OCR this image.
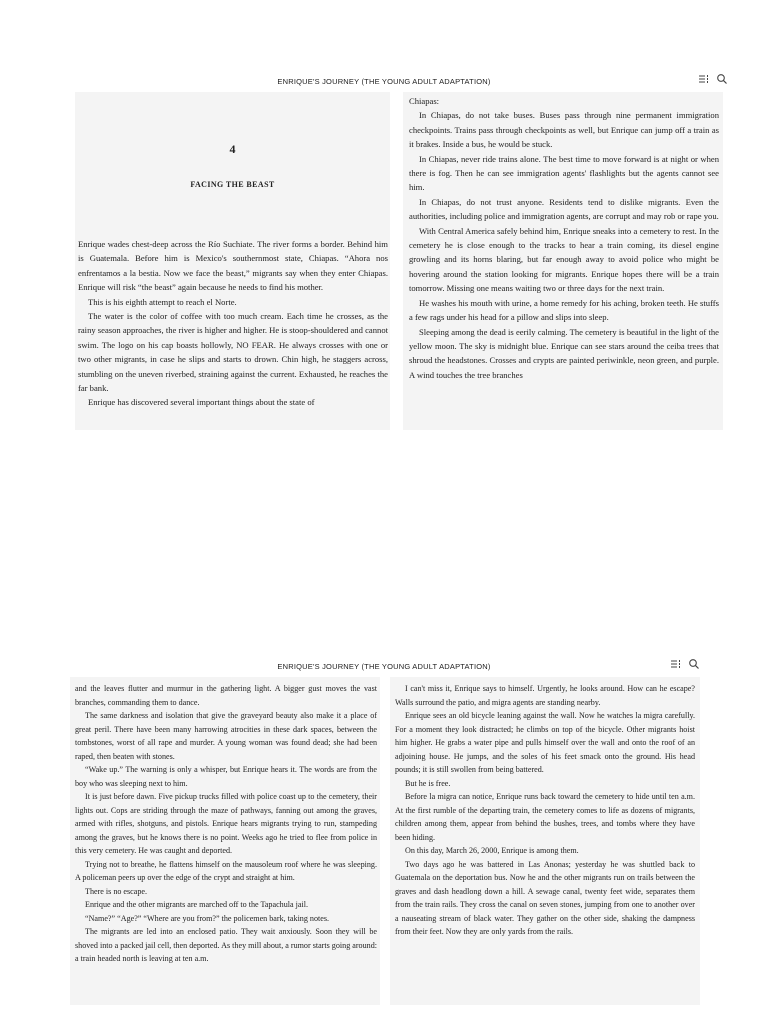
ENRIQUE'S JOURNEY (THE YOUNG ADULT ADAPTATION)
4
FACING THE BEAST

Enrique wades chest-deep across the Río Suchiate. The river forms a border. Behind him is Guatemala. Before him is Mexico's southernmost state, Chiapas. “Ahora nos enfrentamos a la bestia. Now we face the beast,” migrants say when they enter Chiapas. Enrique will risk “the beast” again because he needs to find his mother.

This is his eighth attempt to reach el Norte.

The water is the color of coffee with too much cream. Each time he crosses, as the rainy season approaches, the river is higher and higher. He is stoop-shouldered and cannot swim. The logo on his cap boasts hollowly, NO FEAR. He always crosses with one or two other migrants, in case he slips and starts to drown. Chin high, he staggers across, stumbling on the uneven riverbed, straining against the current. Exhausted, he reaches the far bank.

Enrique has discovered several important things about the state of

Chiapas:

In Chiapas, do not take buses. Buses pass through nine permanent immigration checkpoints. Trains pass through checkpoints as well, but Enrique can jump off a train as it brakes. Inside a bus, he would be stuck.

In Chiapas, never ride trains alone. The best time to move forward is at night or when there is fog. Then he can see immigration agents' flashlights but the agents cannot see him.

In Chiapas, do not trust anyone. Residents tend to dislike migrants. Even the authorities, including police and immigration agents, are corrupt and may rob or rape you.

With Central America safely behind him, Enrique sneaks into a cemetery to rest. In the cemetery he is close enough to the tracks to hear a train coming, its diesel engine growling and its horns blaring, but far enough away to avoid police who might be hovering around the station looking for migrants. Enrique hopes there will be a train tomorrow. Missing one means waiting two or three days for the next train.

He washes his mouth with urine, a home remedy for his aching, broken teeth. He stuffs a few rags under his head for a pillow and slips into sleep.

Sleeping among the dead is eerily calming. The cemetery is beautiful in the light of the yellow moon. The sky is midnight blue. Enrique can see stars around the ceiba trees that shroud the headstones. Crosses and crypts are painted periwinkle, neon green, and purple. A wind touches the tree branches

ENRIQUE'S JOURNEY (THE YOUNG ADULT ADAPTATION)

and the leaves flutter and murmur in the gathering light. A bigger gust moves the vast branches, commanding them to dance.

The same darkness and isolation that give the graveyard beauty also make it a place of great peril. There have been many harrowing atrocities in these dark spaces, between the tombstones, worst of all rape and murder. A young woman was found dead; she had been raped, then beaten with stones.

“Wake up.” The warning is only a whisper, but Enrique hears it. The words are from the boy who was sleeping next to him.

It is just before dawn. Five pickup trucks filled with police coast up to the cemetery, their lights out. Cops are striding through the maze of pathways, fanning out among the graves, armed with rifles, shotguns, and pistols. Enrique hears migrants trying to run, stampeding among the graves, but he knows there is no point. Weeks ago he tried to flee from police in this very cemetery. He was caught and deported.

Trying not to breathe, he flattens himself on the mausoleum roof where he was sleeping. A policeman peers up over the edge of the crypt and straight at him.

There is no escape.

Enrique and the other migrants are marched off to the Tapachula jail.

“Name?” “Age?” “Where are you from?” the policemen bark, taking notes.

The migrants are led into an enclosed patio. They wait anxiously. Soon they will be shoved into a packed jail cell, then deported. As they mill about, a rumor starts going around: a train headed north is leaving at ten a.m.

I can't miss it, Enrique says to himself. Urgently, he looks around. How can he escape? Walls surround the patio, and migra agents are standing nearby.

Enrique sees an old bicycle leaning against the wall. Now he watches la migra carefully. For a moment they look distracted; he climbs on top of the bicycle. Other migrants hoist him higher. He grabs a water pipe and pulls himself over the wall and onto the roof of an adjoining house. He jumps, and the soles of his feet smack onto the ground. His head pounds; it is still swollen from being battered.

But he is free.

Before la migra can notice, Enrique runs back toward the cemetery to hide until ten a.m. At the first rumble of the departing train, the cemetery comes to life as dozens of migrants, children among them, appear from behind the bushes, trees, and tombs where they have been hiding.

On this day, March 26, 2000, Enrique is among them.

Two days ago he was battered in Las Anonas; yesterday he was shuttled back to Guatemala on the deportation bus. Now he and the other migrants run on trails between the graves and dash headlong down a hill. A sewage canal, twenty feet wide, separates them from the train rails. They cross the canal on seven stones, jumping from one to another over a nauseating stream of black water. They gather on the other side, shaking the dampness from their feet. Now they are only yards from the rails.
